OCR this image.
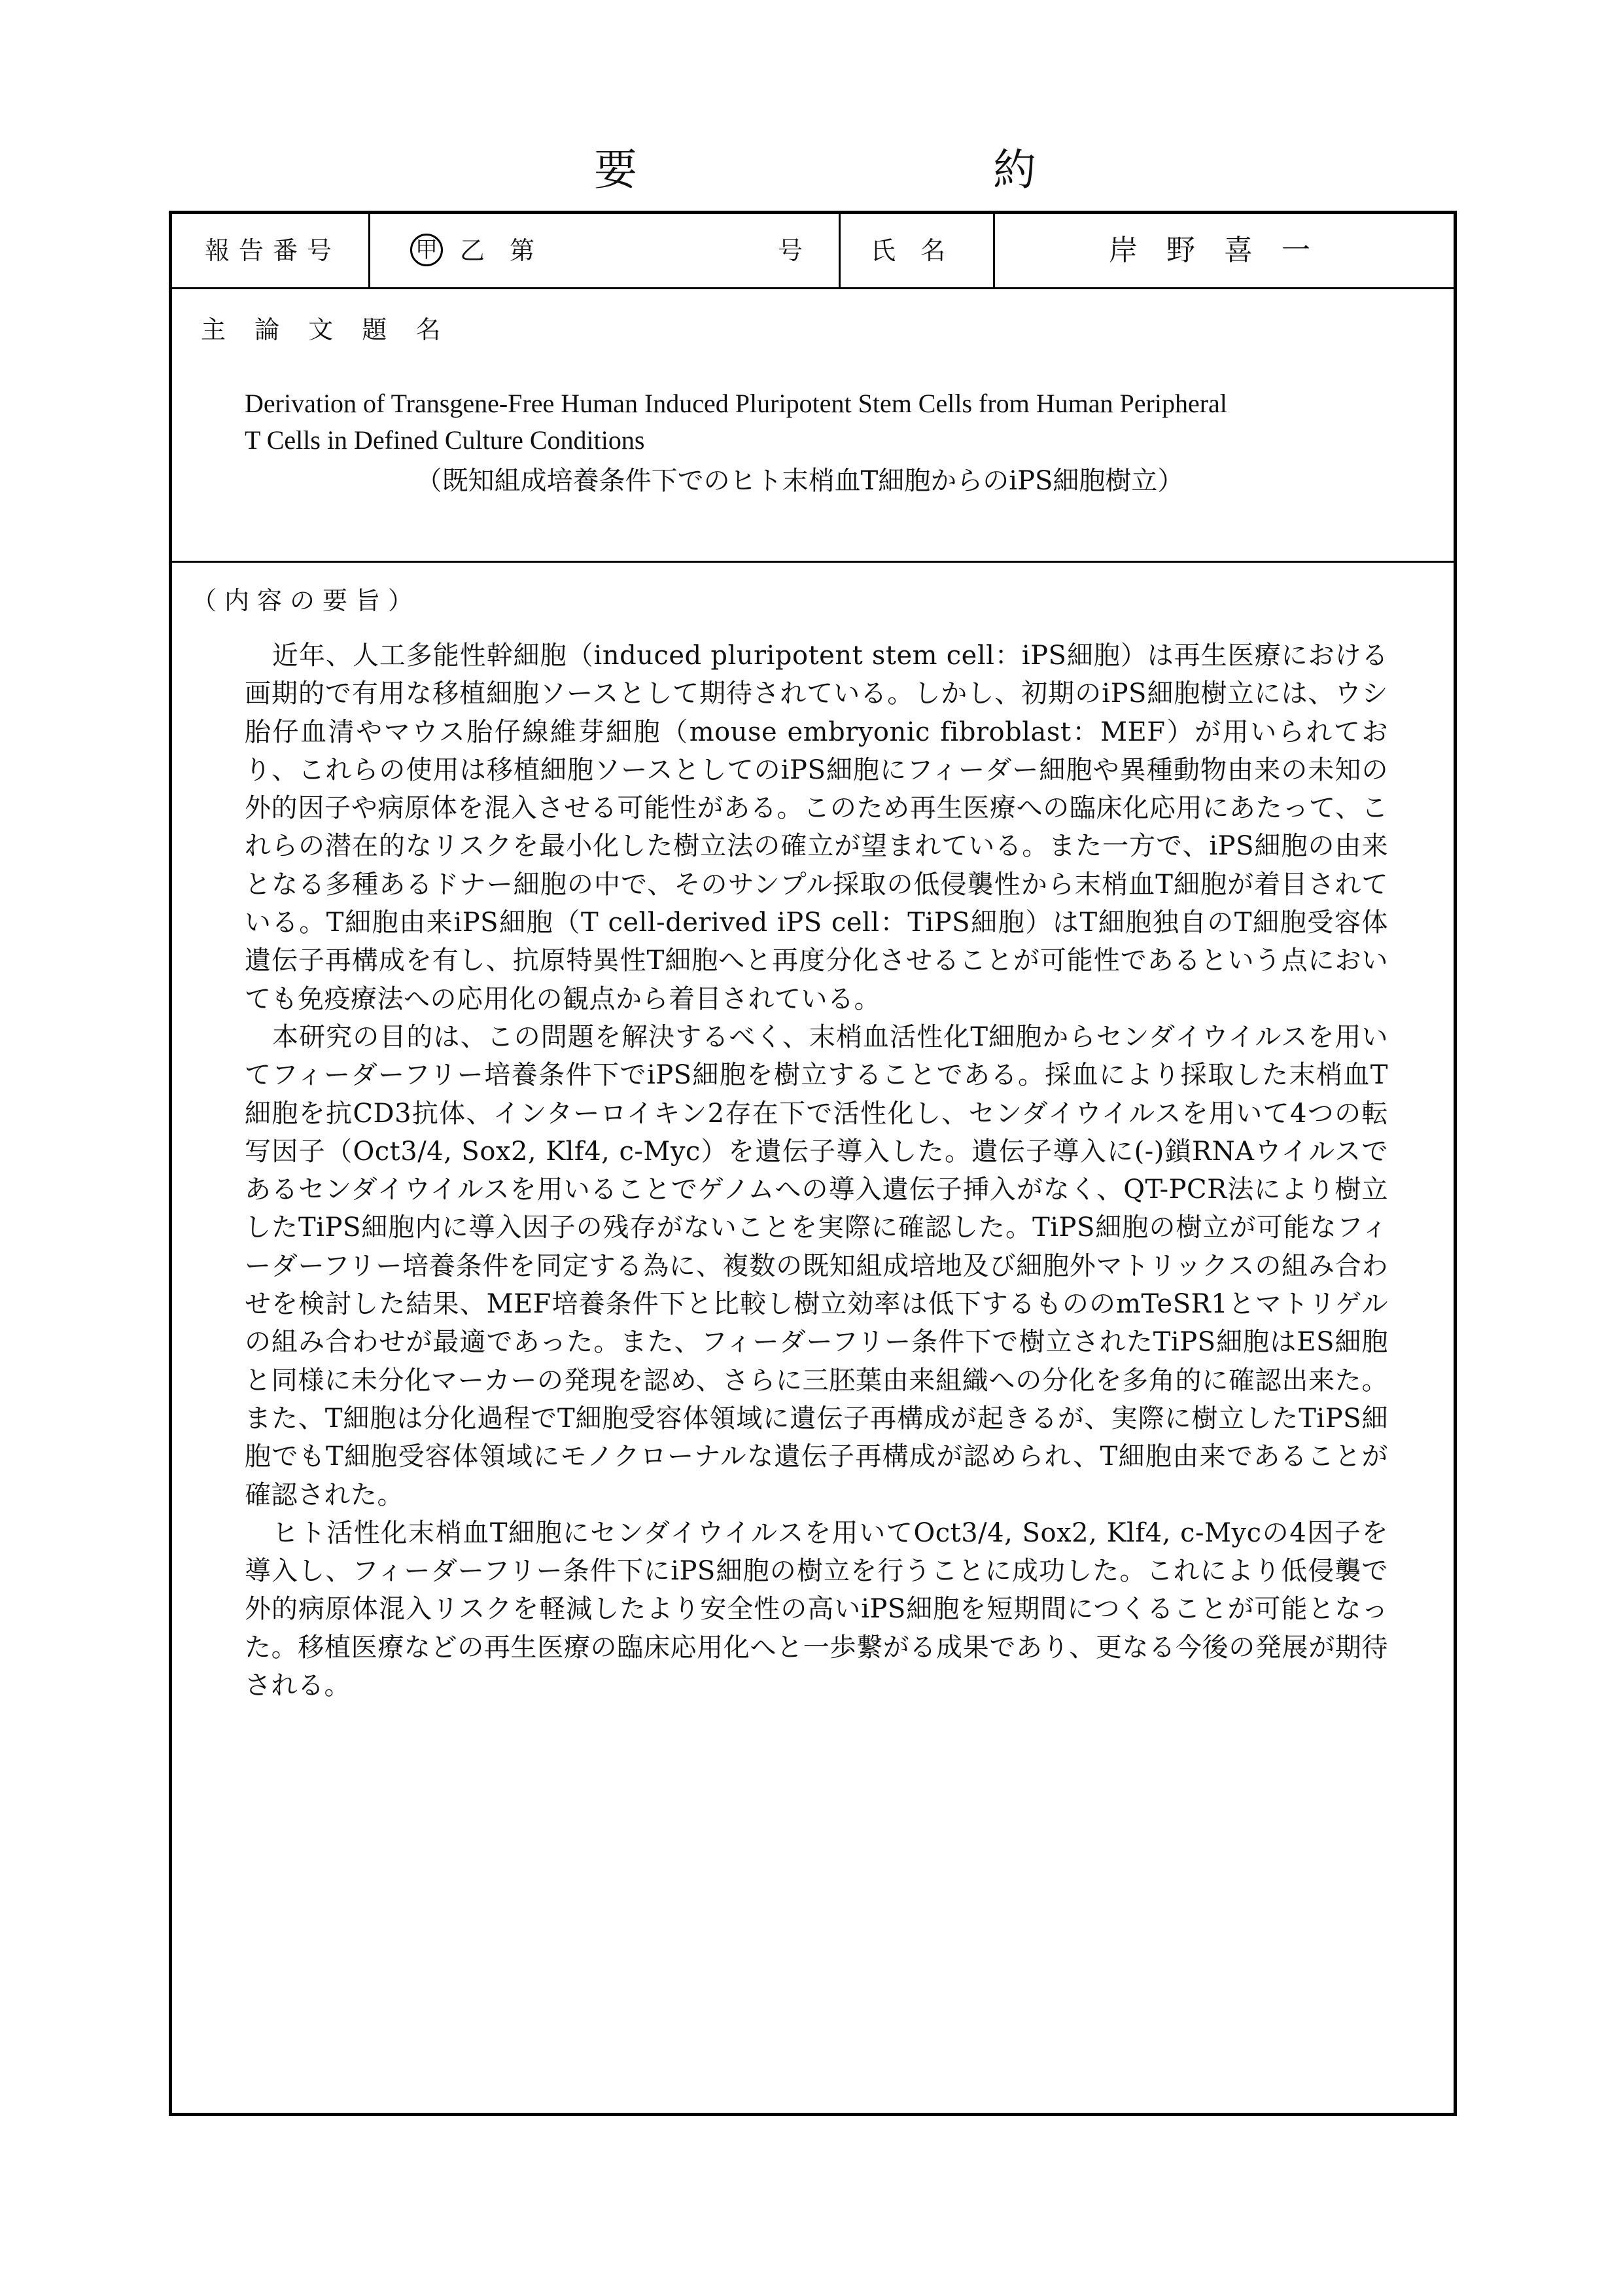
要	約
報告番号	甲 乙　第	号	氏　名	岸　野　喜　一
主 論 文 題 名
Derivation of Transgene-Free Human Induced Pluripotent Stem Cells from Human Peripheral
T Cells in Defined Culture Conditions
（既知組成培養条件下でのヒト末梢血T細胞からのiPS細胞樹立）
（内容の要旨）

近年、人工多能性幹細胞（induced pluripotent stem cell：iPS細胞）は再生医療における画期的で有用な移植細胞ソースとして期待されている。しかし、初期のiPS細胞樹立には、ウシ胎仔血清やマウス胎仔線維芽細胞（mouse embryonic fibroblast：MEF）が用いられており、これらの使用は移植細胞ソースとしてのiPS細胞にフィーダー細胞や異種動物由来の未知の外的因子や病原体を混入させる可能性がある。このため再生医療への臨床化応用にあたって、これらの潜在的なリスクを最小化した樹立法の確立が望まれている。また一方で、iPS細胞の由来となる多種あるドナー細胞の中で、そのサンプル採取の低侵襲性から末梢血T細胞が着目されている。T細胞由来iPS細胞（T cell-derived iPS cell：TiPS細胞）はT細胞独自のT細胞受容体遺伝子再構成を有し、抗原特異性T細胞へと再度分化させることが可能性であるという点においても免疫療法への応用化の観点から着目されている。

本研究の目的は、この問題を解決するべく、末梢血活性化T細胞からセンダイウイルスを用いてフィーダーフリー培養条件下でiPS細胞を樹立することである。採血により採取した末梢血T細胞を抗CD3抗体、インターロイキン2存在下で活性化し、センダイウイルスを用いて4つの転写因子（Oct3/4, Sox2, Klf4, c-Myc）を遺伝子導入した。遺伝子導入に(-)鎖RNAウイルスであるセンダイウイルスを用いることでゲノムへの導入遺伝子挿入がなく、QT-PCR法により樹立したTiPS細胞内に導入因子の残存がないことを実際に確認した。TiPS細胞の樹立が可能なフィーダーフリー培養条件を同定する為に、複数の既知組成培地及び細胞外マトリックスの組み合わせを検討した結果、MEF培養条件下と比較し樹立効率は低下するもののmTeSR1とマトリゲルの組み合わせが最適であった。また、フィーダーフリー条件下で樹立されたTiPS細胞はES細胞と同様に未分化マーカーの発現を認め、さらに三胚葉由来組織への分化を多角的に確認出来た。また、T細胞は分化過程でT細胞受容体領域に遺伝子再構成が起きるが、実際に樹立したTiPS細胞でもT細胞受容体領域にモノクローナルな遺伝子再構成が認められ、T細胞由来であることが確認された。

ヒト活性化末梢血T細胞にセンダイウイルスを用いてOct3/4, Sox2, Klf4, c-Mycの4因子を導入し、フィーダーフリー条件下にiPS細胞の樹立を行うことに成功した。これにより低侵襲で外的病原体混入リスクを軽減したより安全性の高いiPS細胞を短期間につくることが可能となった。移植医療などの再生医療の臨床応用化へと一歩繋がる成果であり、更なる今後の発展が期待される。
